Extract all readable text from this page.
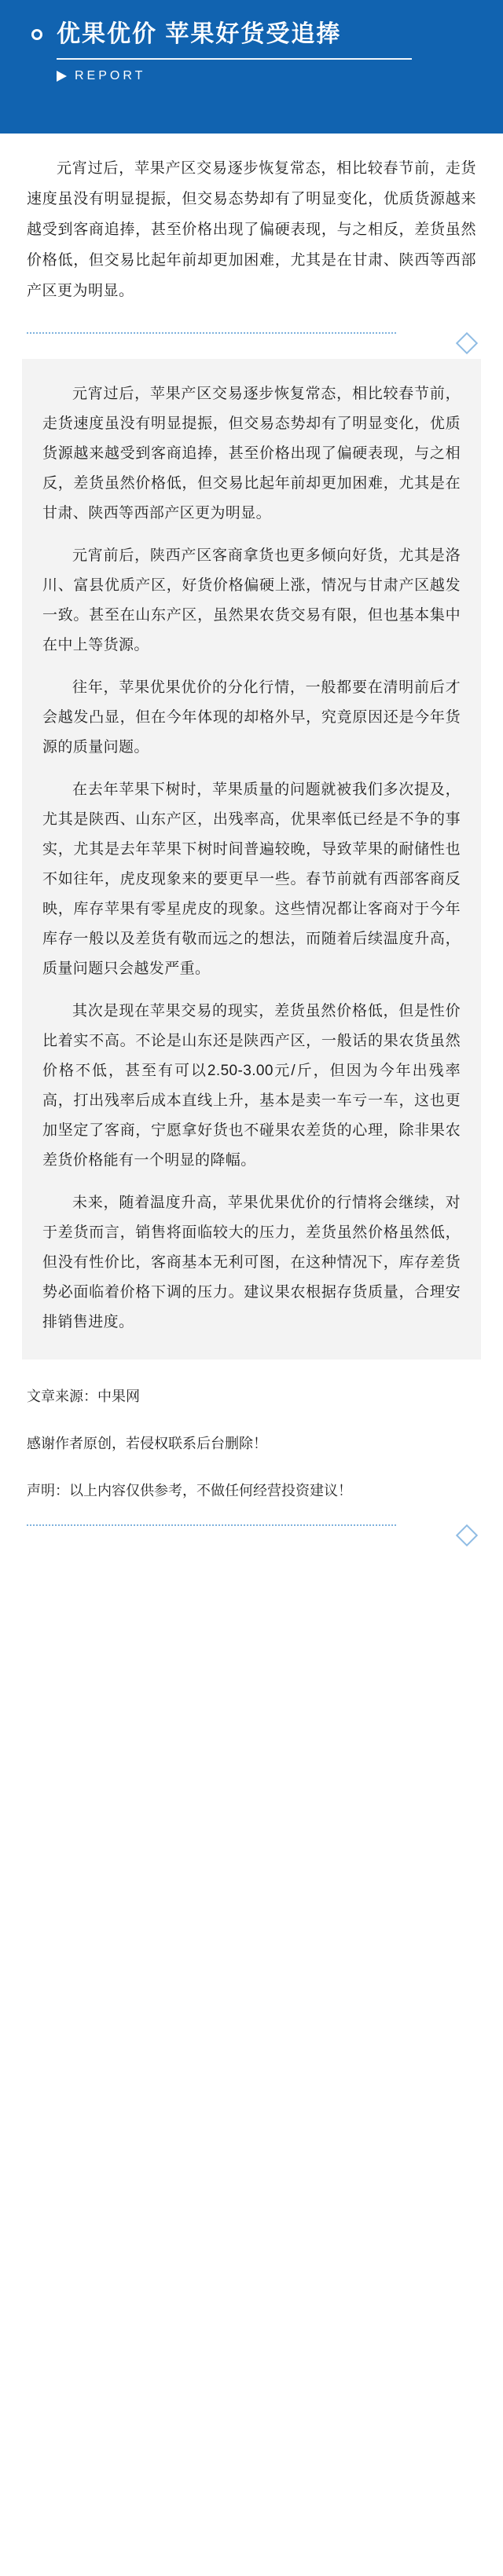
优果优价 苹果好货受追捧
REPORT

元宵过后，苹果产区交易逐步恢复常态，相比较春节前，走货速度虽没有明显提振，但交易态势却有了明显变化，优质货源越来越受到客商追捧，甚至价格出现了偏硬表现，与之相反，差货虽然价格低，但交易比起年前却更加困难，尤其是在甘肃、陕西等西部产区更为明显。

元宵过后，苹果产区交易逐步恢复常态，相比较春节前，走货速度虽没有明显提振，但交易态势却有了明显变化，优质货源越来越受到客商追捧，甚至价格出现了偏硬表现，与之相反，差货虽然价格低，但交易比起年前却更加困难，尤其是在甘肃、陕西等西部产区更为明显。

元宵前后，陕西产区客商拿货也更多倾向好货，尤其是洛川、富县优质产区，好货价格偏硬上涨，情况与甘肃产区越发一致。甚至在山东产区，虽然果农货交易有限，但也基本集中在中上等货源。

往年，苹果优果优价的分化行情，一般都要在清明前后才会越发凸显，但在今年体现的却格外早，究竟原因还是今年货源的质量问题。

在去年苹果下树时，苹果质量的问题就被我们多次提及，尤其是陕西、山东产区，出残率高，优果率低已经是不争的事实，尤其是去年苹果下树时间普遍较晚，导致苹果的耐储性也不如往年，虎皮现象来的要更早一些。春节前就有西部客商反映，库存苹果有零星虎皮的现象。这些情况都让客商对于今年库存一般以及差货有敬而远之的想法，而随着后续温度升高，质量问题只会越发严重。

其次是现在苹果交易的现实，差货虽然价格低，但是性价比着实不高。不论是山东还是陕西产区，一般话的果农货虽然价格不低，甚至有可以2.50-3.00元/斤，但因为今年出残率高，打出残率后成本直线上升，基本是卖一车亏一车，这也更加坚定了客商，宁愿拿好货也不碰果农差货的心理，除非果农差货价格能有一个明显的降幅。

未来，随着温度升高，苹果优果优价的行情将会继续，对于差货而言，销售将面临较大的压力，差货虽然价格虽然低，但没有性价比，客商基本无利可图，在这种情况下，库存差货势必面临着价格下调的压力。建议果农根据存货质量，合理安排销售进度。

文章来源：中果网
感谢作者原创，若侵权联系后台删除！
声明：以上内容仅供参考，不做任何经营投资建议！
